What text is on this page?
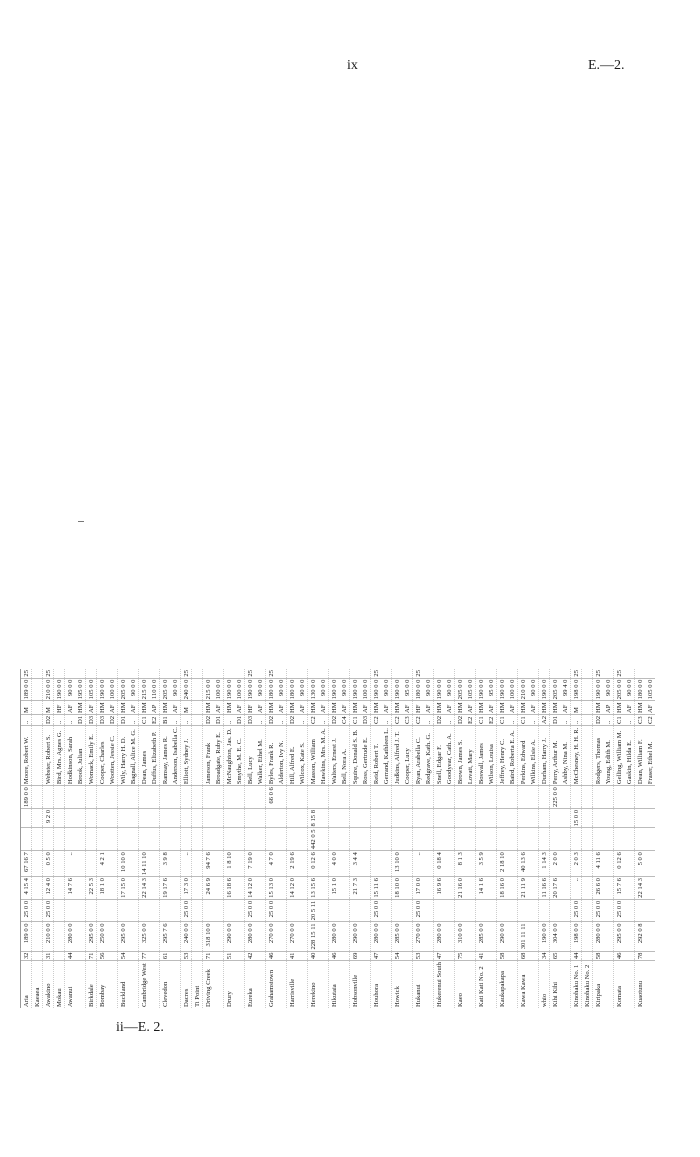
ix	E.—2.
Aria	32	189 0 0	25 0 0	4 15 4	67 16 7			189 0 0	Moore, Robert W.	..	M	189 0 0	25
Kaeaea													
Awakino	31	210 0 0	25 0 0	12 4 0	0 5 0		9 2 0		Webster, Robert S.	D2	M	210 0 0	25
Mokau									Bird, Mrs. Agnes G.	..	HF	190 0 0	
Awanui	44	280 0 0		14 7 6	..				Hodkinson, Sarah	..	AF	90 0 0	
									Brook, Julian	D1	HM	195 0 0	
Birkdale	71	295 0 0		22 5 3					Womack, Emily E.	D3	AF	105 0 0	
Bombay	56	250 0 0		18 1 0	4 2 1				Cooper, Charles	D3	HM	190 0 0	
									Wootten, Jessie C.	D2	AF	100 0 0	
Buckland	54	295 0 0		17 15 0	10 10 0				Wily, Harry H. D.	D1	HM	205 0 0	
									Bagnall, Alice M. G.	..	AF	90 0 0	
Cambridge West	77	325 0 0		22 14 3	14 11 10				Dean, James	C1	HM	215 0 0	
									Duffus, Elizabeth P.	E2	AP	110 0 0	
Clevedon	61	295 7 6		19 17 6	3 9 8				Ramsay, James R.	B1	HM	205 0 0	
									Anderson, Isabella C.	..	AF	90 0 0	
Dacres	53	240 0 0	25 0 0	17 3 0	..				Elliott, Sydney J.	..	M	240 0 0	25
Ti Point													
Driving Creek	71	318 10 0		24 6 9	94 7 6				Jameson, Frank	D2	HM	215 0 0	
									Broadgate, Ruby E.	D1	AF	100 0 0	
Drury	51	290 0 0		16 18 6	1 8 10				McNaughton, Jas. D.	..	HM	190 0 0	
									Smythe, M. E. C.	D1	AF	100 0 0	
Eureka	42	280 0 0	25 0 0	14 12 0	7 19 0				Bell, Lucy	D3	HF	190 0 0	25
									Walker, Ethel M.	..	AF	90 0 0	
Grahamstown	46	270 0 0	25 0 0	15 13 0	4 7 0			66 0 6	Byles, Frank R.	D2	HM	180 0 0	25
									Alderton, Ivy N.	..	AF	90 0 0	
Harrisville	41	270 0 0		14 12 0	2 19 6				Hill, Alfred E.	D2	HM	180 0 0	
									Wilcox, Kate S.	..	AF	90 0 0	
Herekino	40	228 15 11	20 5 11	13 15 6	0 12 6	442 0 5	8 15 8		Masson, William	C2	HM	130 0 0	
									Hawkins, Mrs. M. A.	..	AF	90 0 0	
Hikutaia	46	280 0 0		15 1 0	4 0 0				Walters, Ernest J.	D2	HM	190 0 0	
									Bell, Nora A.	C4	AF	90 0 0	
Hobsonville	69	290 0 0		21 7 3	3 4 4				Squire, Donald S. B.	C1	HM	190 0 0	
									Ross, Gertrude E.	D3	AF	100 0 0	
Houhora	47	280 0 0	25 0 0	15 11 6					Reid, Robert T.	C2	HM	190 0 0	25
									Gerrand, Kathleen L.	..	AF	90 0 0	
Howick	54	285 0 0		18 10 0	13 10 0				Judkins, Alfred J. T.	C2	HM	190 0 0	
									Cooper, Lucy	C3	AF	95 0 0	
Hukanui	53	270 0 0	25 0 0	17 0 0	..				Ryan, Arabella C.	C2	HF	180 0 0	25
									Redgrave, Kath. G.	..	AF	90 0 0	
Hukerenui South	47	280 0 0		16 9 6	0 18 4				Snell, Edgar F.	D2	HM	190 0 0	
									Goodyear, Cath. A.	..	AF	90 0 0	
Kaeo	75	310 0 0		21 16 0	8 1 3				Brown, James S.	D2	HM	205 0 0	
									Lovatt, Mary	E2	AF	105 0 0	
Kati Kati No. 2	41	285 0 0		14 1 6	3 5 9				Boswall, James	C1	HM	190 0 0	
									Wilson, Louisa	E2	AF	95 0 0	
Kaukapakapa	58	290 0 0		18 16 0	2 18 10				Jeffrey, Henry C.	C1	HM	190 0 0	
									Baird, Roberta E. A.	..	AF	100 0 0	
Kawa Kawa	68	301 11 11		21 11 9	40 13 6				Perkins, Edward	C1	HM	210 0 0	
									Wilkins, Elsie A.	..	AF	90 0 0	
whio	34	190 0 0		11 16 6	1 14 3				Durham, Harry J.	A2	HM	190 0 0	
Kihi Kihi	65	304 0 0		20 17 6	2 0 0			225 0 0	Perry, Arthur M.	D1	HM	205 0 0	
									Ashby, Nina M.	..	AF	99 4 0	
Kinohaku No. 1	44	198 0 0	25 0 0	..	2 0 3		15 0 0		McChesney, H. H. R.	..	M	198 0 0	25
Kinohaku No. 2													
Kiripaka	58	280 0 0	25 0 0	26 6 0	4 11 6				Rodgers, Thomas	D2	HM	190 0 0	25
									Young, Edith M.	..	AP	90 0 0	
Komata	46	295 0 0	25 0 0	15 7 6	0 12 6				Gelling, William M.	C1	HM	205 0 0	25
									Gaskin, Hilda E.	..	AF	90 0 0	
Kuaotunu	78	292 0 8		22 14 3	5 0 0				Dean, William F.	C3	HM	180 0 0	
									Fraser, Ethel M.	C2	AF	105 0 0	
ii—E. 2.
